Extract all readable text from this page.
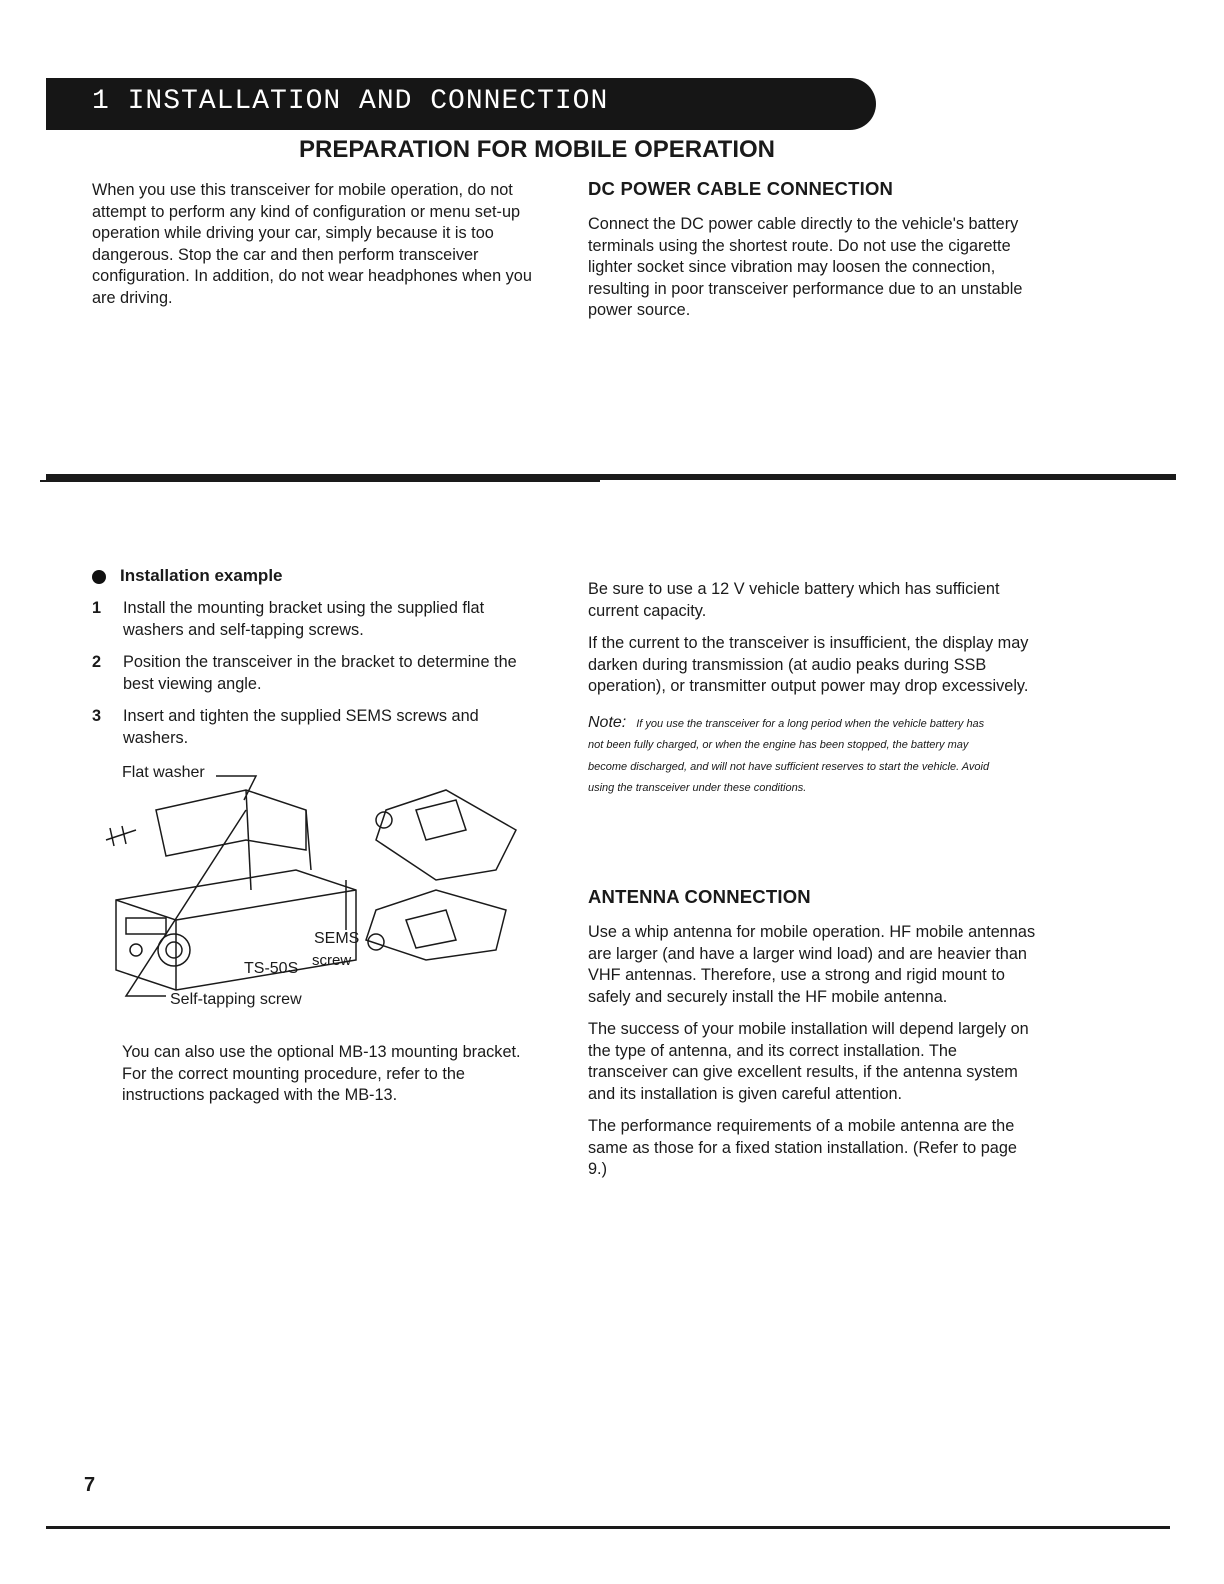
1 INSTALLATION AND CONNECTION
PREPARATION FOR MOBILE OPERATION

When you use this transceiver for mobile operation, do not attempt to perform any kind of configuration or menu set-up operation while driving your car, simply because it is too dangerous. Stop the car and then perform transceiver configuration. In addition, do not wear headphones when you are driving.

DC POWER CABLE CONNECTION

Connect the DC power cable directly to the vehicle's battery terminals using the shortest route. Do not use the cigarette lighter socket since vibration may loosen the connection, resulting in poor transceiver performance due to an unstable power source.

Installation example
1	Install the mounting bracket using the supplied flat washers and self-tapping screws.
2	Position the transceiver in the bracket to determine the best viewing angle.
3	Insert and tighten the supplied SEMS screws and washers.
Flat washer
SEMS
screw
TS-50S
Self-tapping screw

You can also use the optional MB-13 mounting bracket. For the correct mounting procedure, refer to the instructions packaged with the MB-13.

Be sure to use a 12 V vehicle battery which has sufficient current capacity.

If the current to the transceiver is insufficient, the display may darken during transmission (at audio peaks during SSB operation), or transmitter output power may drop excessively.

Note: If you use the transceiver for a long period when the vehicle battery has not been fully charged, or when the engine has been stopped, the battery may become discharged, and will not have sufficient reserves to start the vehicle. Avoid using the transceiver under these conditions.
ANTENNA CONNECTION

Use a whip antenna for mobile operation. HF mobile antennas are larger (and have a larger wind load) and are heavier than VHF antennas. Therefore, use a strong and rigid mount to safely and securely install the HF mobile antenna.

The success of your mobile installation will depend largely on the type of antenna, and its correct installation. The transceiver can give excellent results, if the antenna system and its installation is given careful attention.

The performance requirements of a mobile antenna are the same as those for a fixed station installation. (Refer to page 9.)

7
